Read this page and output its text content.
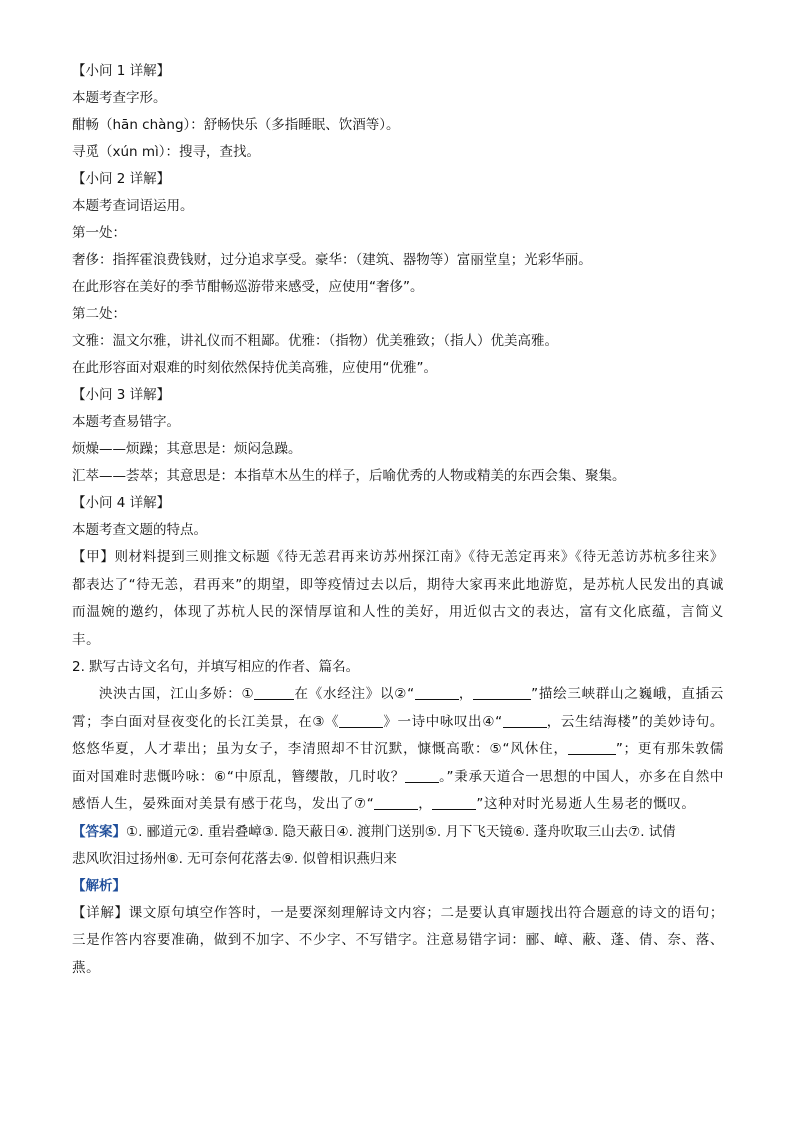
【小问 1 详解】
本题考查字形。
酣畅（hān chàng）：舒畅快乐（多指睡眠、饮酒等）。
寻觅（xún mì）：搜寻，查找。
【小问 2 详解】
本题考查词语运用。
第一处：
奢侈：指挥霍浪费钱财，过分追求享受。豪华：（建筑、器物等）富丽堂皇；光彩华丽。
在此形容在美好的季节酣畅巡游带来感受，应使用“奢侈”。
第二处：
文雅：温文尔雅，讲礼仪而不粗鄙。优雅：（指物）优美雅致；（指人）优美高雅。
在此形容面对艰难的时刻依然保持优美高雅，应使用“优雅”。
【小问 3 详解】
本题考查易错字。
烦燥——烦躁；其意思是：烦闷急躁。
汇萃——荟萃；其意思是：本指草木丛生的样子，后喻优秀的人物或精美的东西会集、聚集。
【小问 4 详解】
本题考查文题的特点。
【甲】则材料提到三则推文标题《待无恙君再来访苏州探江南》《待无恙定再来》《待无恙访苏杭多往来》都表达了“待无恙，君再来”的期望，即等疫情过去以后，期待大家再来此地游览，是苏杭人民发出的真诚而温婉的邀约，体现了苏杭人民的深情厚谊和人性的美好，用近似古文的表达，富有文化底蕴，言简义丰。
2. 默写古诗文名句，并填写相应的作者、篇名。
泱泱古国，江山多娇：①	在《水经注》以②“	，	”描绘三峡群山之巍峨，直插云霄；李白面对昼夜变化的长江美景，在③《	》一诗中咏叹出④“	，云生结海楼”的美妙诗句。悠悠华夏，人才辈出；虽为女子，李清照却不甘沉默，慷慨高歌：⑤“风休住，	”；更有那朱敦儒面对国难时悲慨吟咏：⑥“中原乱，簪缨散，几时收？	。”秉承天道合一思想的中国人，亦多在自然中感悟人生，晏殊面对美景有感于花鸟，发出了⑦“	，	”这种对时光易逝人生易老的慨叹。
【答案】①. 郦道元②. 重岩叠嶂③. 隐天蔽日④. 渡荆门送别⑤. 月下飞天镜⑥. 蓬舟吹取三山去⑦. 试倩
悲风吹泪过扬州⑧. 无可奈何花落去⑨. 似曾相识燕归来
【解析】
【详解】课文原句填空作答时，一是要深刻理解诗文内容；二是要认真审题找出符合题意的诗文的语句；三是作答内容要准确，做到不加字、不少字、不写错字。注意易错字词：郦、嶂、蔽、蓬、倩、奈、落、燕。
